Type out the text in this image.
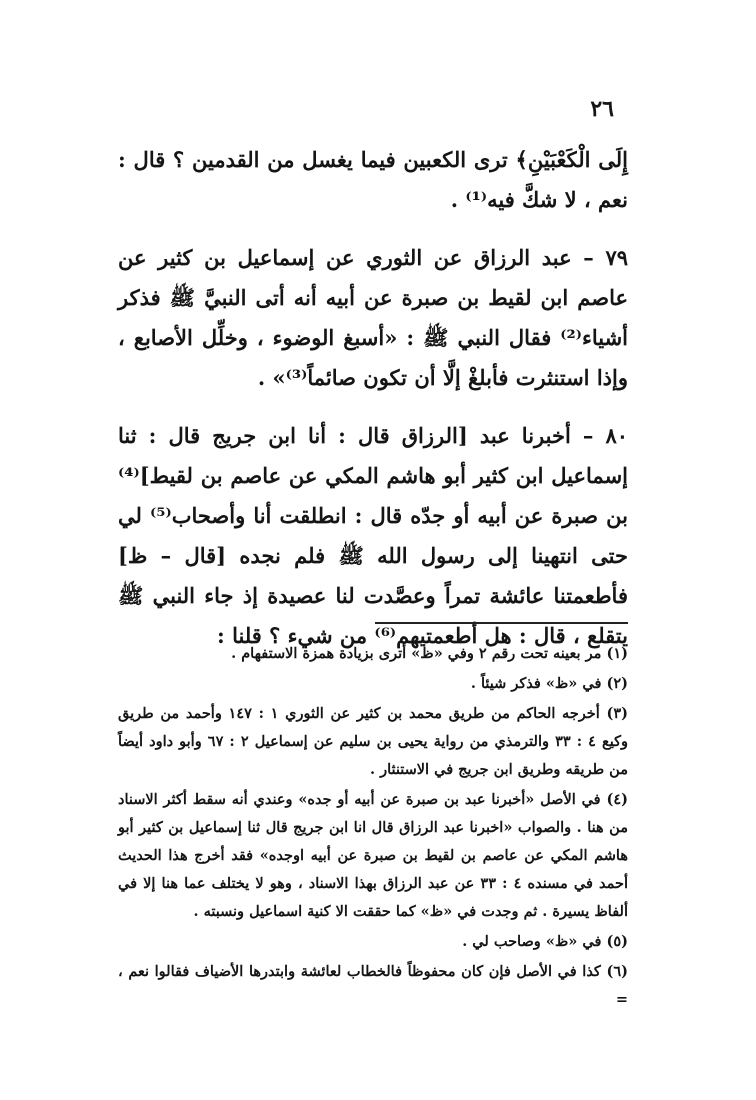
٢٦

إِلَى الْكَعْبَيْنِ﴾ ترى الكعبين فيما يغسل من القدمين ؟ قال : نعم ، لا شكَّ فيه⁽¹⁾ .

٧٩ – عبد الرزاق عن الثوري عن إسماعيل بن كثير عن عاصم ابن لقيط بن صبرة عن أبيه أنه أتى النبيَّ ﷺ فذكر أشياء⁽²⁾ فقال النبي ﷺ : «أسبغ الوضوء ، وخلِّل الأصابع ، وإذا استنثرت فأبلغْ إلَّا أن تكون صائماً⁽³⁾» .

٨٠ – أخبرنا عبد [الرزاق قال : أنا ابن جريج قال : ثنا إسماعيل ابن كثير أبو هاشم المكي عن عاصم بن لقيط]⁽⁴⁾ بن صبرة عن أبيه أو جدّه قال : انطلقت أنا وأصحاب⁽⁵⁾ لي حتى انتهينا إلى رسول الله ﷺ فلم نجده [قال – ظ] فأطعمتنا عائشة تمراً وعصَّدت لنا عصيدة إذ جاء النبي ﷺ يتقلع ، قال : هل أطعمتيهم⁽⁶⁾ من شيء ؟ قلنا :

(١) مر بعينه تحت رقم ٢ وفي «ظ» أترى بزيادة همزة الاستفهام .

(٢) في «ظ» فذكر شيئاً .

(٣) أخرجه الحاكم من طريق محمد بن كثير عن الثوري ١ : ١٤٧ وأحمد من طريق وكيع ٤ : ٣٣ والترمذي من رواية يحيى بن سليم عن إسماعيل ٢ : ٦٧ وأبو داود أيضاً من طريقه وطريق ابن جريج في الاستنثار .

(٤) في الأصل «أخبرنا عبد بن صبرة عن أبيه أو جده» وعندي أنه سقط أكثر الاسناد من هنا . والصواب «اخبرنا عبد الرزاق قال انا ابن جريج قال ثنا إسماعيل بن كثير أبو هاشم المكي عن عاصم بن لقيط بن صبرة عن أبيه اوجده» فقد أخرج هذا الحديث أحمد في مسنده ٤ : ٣٣ عن عبد الرزاق بهذا الاسناد ، وهو لا يختلف عما هنا إلا في ألفاظ يسيرة . ثم وجدت في «ظ» كما حققت الا كنية اسماعيل ونسبته .

(٥) في «ظ» وصاحب لي .

(٦) كذا في الأصل فإن كان محفوظاً فالخطاب لعائشة وابتدرها الأضياف فقالوا نعم ، =
